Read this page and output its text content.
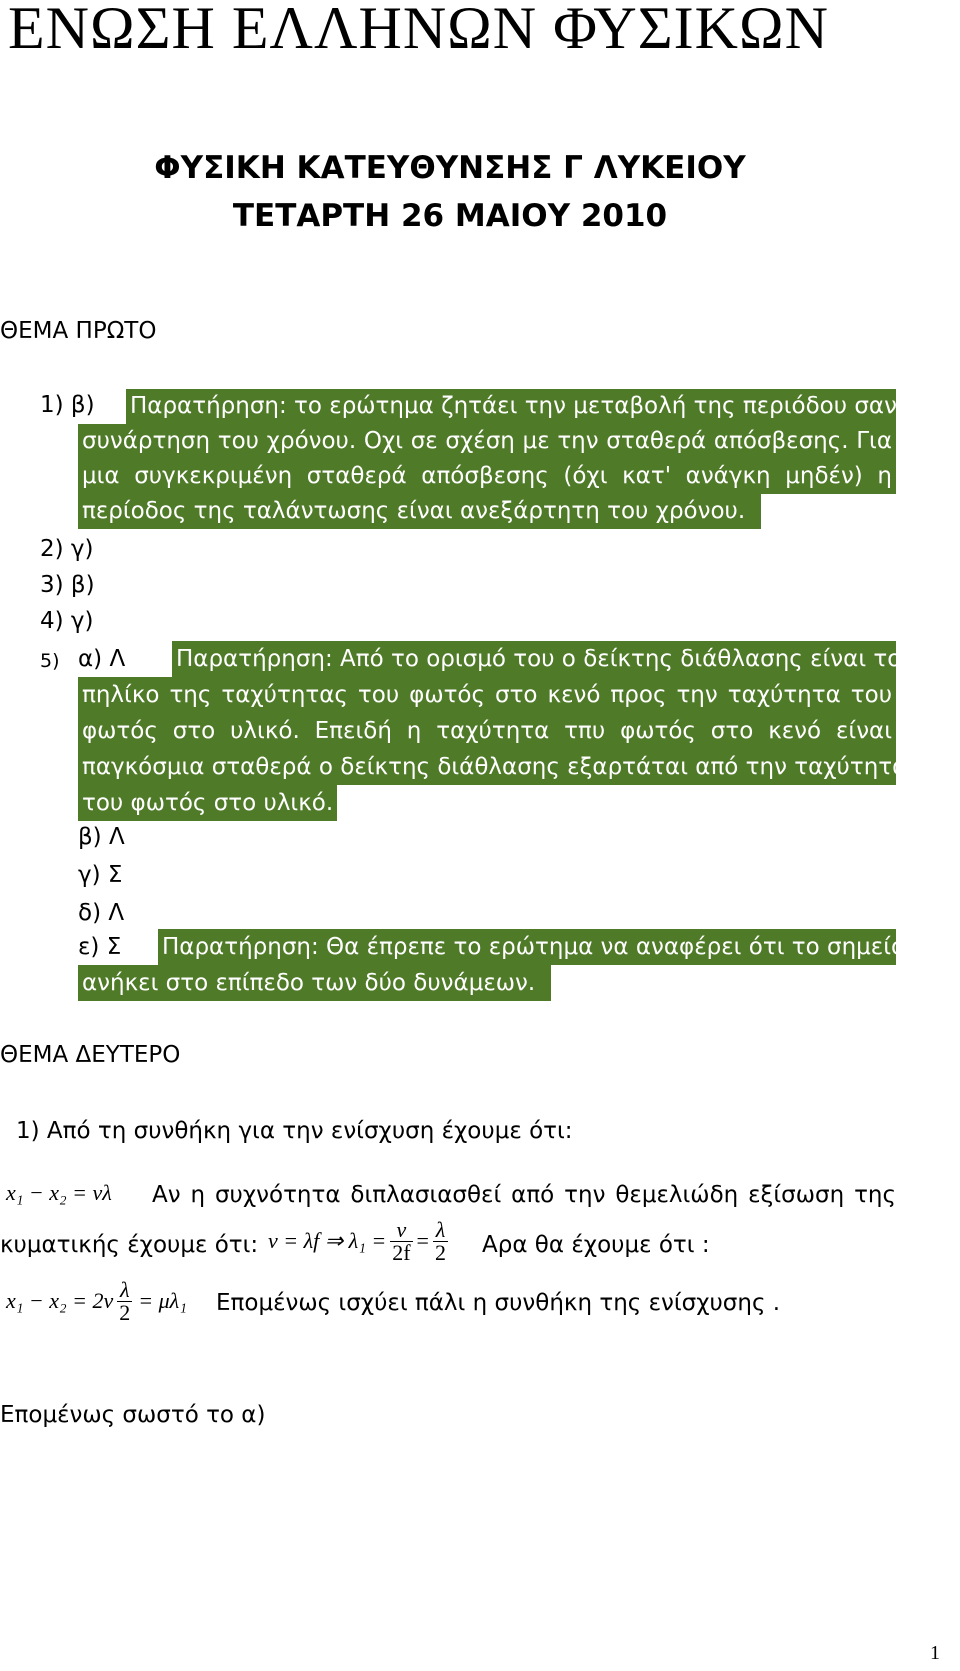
ΕΝΩΣΗ ΕΛΛΗΝΩΝ ΦΥΣΙΚΩΝ
ΦΥΣΙΚΗ ΚΑΤΕΥΘΥΝΣΗΣ Γ ΛΥΚΕΙΟΥ
ΤΕΤΑΡΤΗ 26 ΜΑΙΟΥ 2010
ΘΕΜΑ ΠΡΩΤΟ
1) β) Παρατήρηση: το ερώτημα ζητάει την μεταβολή της περιόδου σαν
συνάρτηση του χρόνου. Οχι σε σχέση με την σταθερά απόσβεσης. Για
μια συγκεκριμένη σταθερά απόσβεσης (όχι κατ' ανάγκη μηδέν) η
περίοδος της ταλάντωσης είναι ανεξάρτητη του χρόνου.
2) γ)
3) β)
4) γ)
5) α) Λ Παρατήρηση: Από το ορισμό του ο δείκτης διάθλασης είναι το
πηλίκο της ταχύτητας του φωτός στο κενό προς την ταχύτητα του
φωτός στο υλικό. Επειδή η ταχύτητα τπυ φωτός στο κενό είναι
παγκόσμια σταθερά ο δείκτης διάθλασης εξαρτάται από την ταχύτητα
του φωτός στο υλικό.
β) Λ
γ) Σ
δ) Λ
ε) Σ Παρατήρηση: Θα έπρεπε το ερώτημα να αναφέρει ότι το σημείο
ανήκει στο επίπεδο των δύο δυνάμεων.
ΘΕΜΑ ΔΕΥΤΕΡΟ
1) Από τη συνθήκη για την ενίσχυση έχουμε ότι:
x₁ − x₂ = νλ Αν η συχνότητα διπλασιασθεί από την θεμελιώδη εξίσωση της
κυματικής έχουμε ότι: v = λf ⇒ $\lambda_1 = \frac{v}{2f} = \frac{\lambda}{2}$ Αρα θα έχουμε ότι :
$x_1 - x_2 = 2\nu \frac{\lambda}{2} = \mu\lambda_1$ Επομένως ισχύει πάλι η συνθήκη της ενίσχυσης .
Επομένως σωστό το α)
1
